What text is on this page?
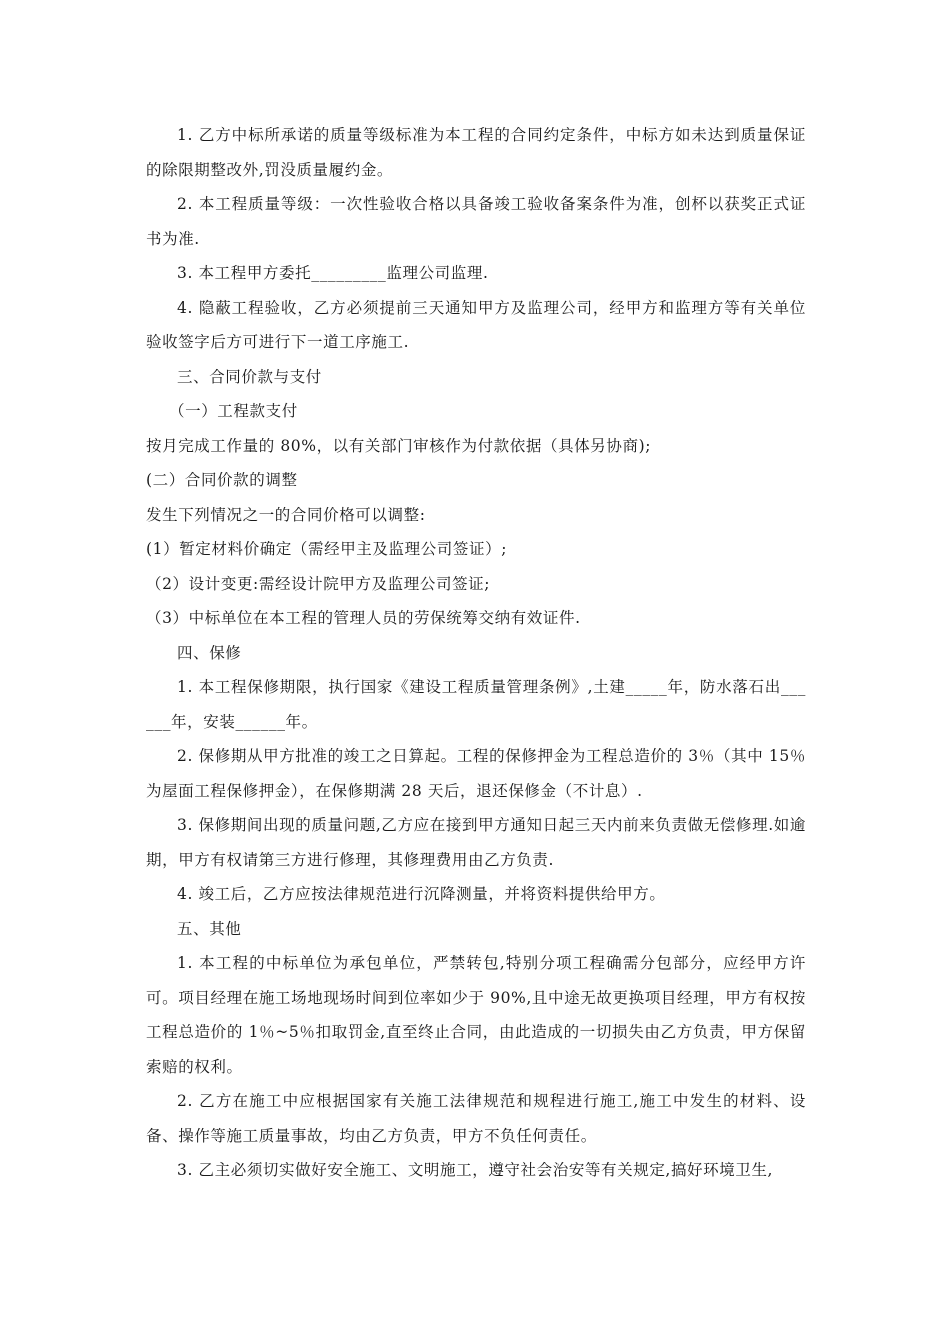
1. 乙方中标所承诺的质量等级标准为本工程的合同约定条件，中标方如未达到质量保证的除限期整改外,罚没质量履约金。

2. 本工程质量等级：一次性验收合格以具备竣工验收备案条件为准，创杯以获奖正式证书为准.

3. 本工程甲方委托_________监理公司监理.

4. 隐蔽工程验收，乙方必须提前三天通知甲方及监理公司，经甲方和监理方等有关单位验收签字后方可进行下一道工序施工.

三、合同价款与支付

（一）工程款支付

按月完成工作量的 80%，以有关部门审核作为付款依据（具体另协商);

(二）合同价款的调整

发生下列情况之一的合同价格可以调整:

(1）暂定材料价确定（需经甲主及监理公司签证）;

（2）设计变更:需经设计院甲方及监理公司签证;

（3）中标单位在本工程的管理人员的劳保统筹交纳有效证件.

四、保修

1. 本工程保修期限，执行国家《建设工程质量管理条例》,土建_____年，防水落石出______年，安装______年。

2. 保修期从甲方批准的竣工之日算起。工程的保修押金为工程总造价的 3％（其中 15％为屋面工程保修押金），在保修期满 28 天后，退还保修金（不计息）.

3. 保修期间出现的质量问题,乙方应在接到甲方通知日起三天内前来负责做无偿修理.如逾期，甲方有权请第三方进行修理，其修理费用由乙方负责.

4. 竣工后，乙方应按法律规范进行沉降测量，并将资料提供给甲方。

五、其他

1. 本工程的中标单位为承包单位，严禁转包,特别分项工程确需分包部分，应经甲方许可。项目经理在施工场地现场时间到位率如少于 90%,且中途无故更换项目经理，甲方有权按工程总造价的 1％~5％扣取罚金,直至终止合同，由此造成的一切损失由乙方负责，甲方保留索赔的权利。

2. 乙方在施工中应根据国家有关施工法律规范和规程进行施工,施工中发生的材料、设备、操作等施工质量事故，均由乙方负责，甲方不负任何责任。

3. 乙主必须切实做好安全施工、文明施工，遵守社会治安等有关规定,搞好环境卫生,
